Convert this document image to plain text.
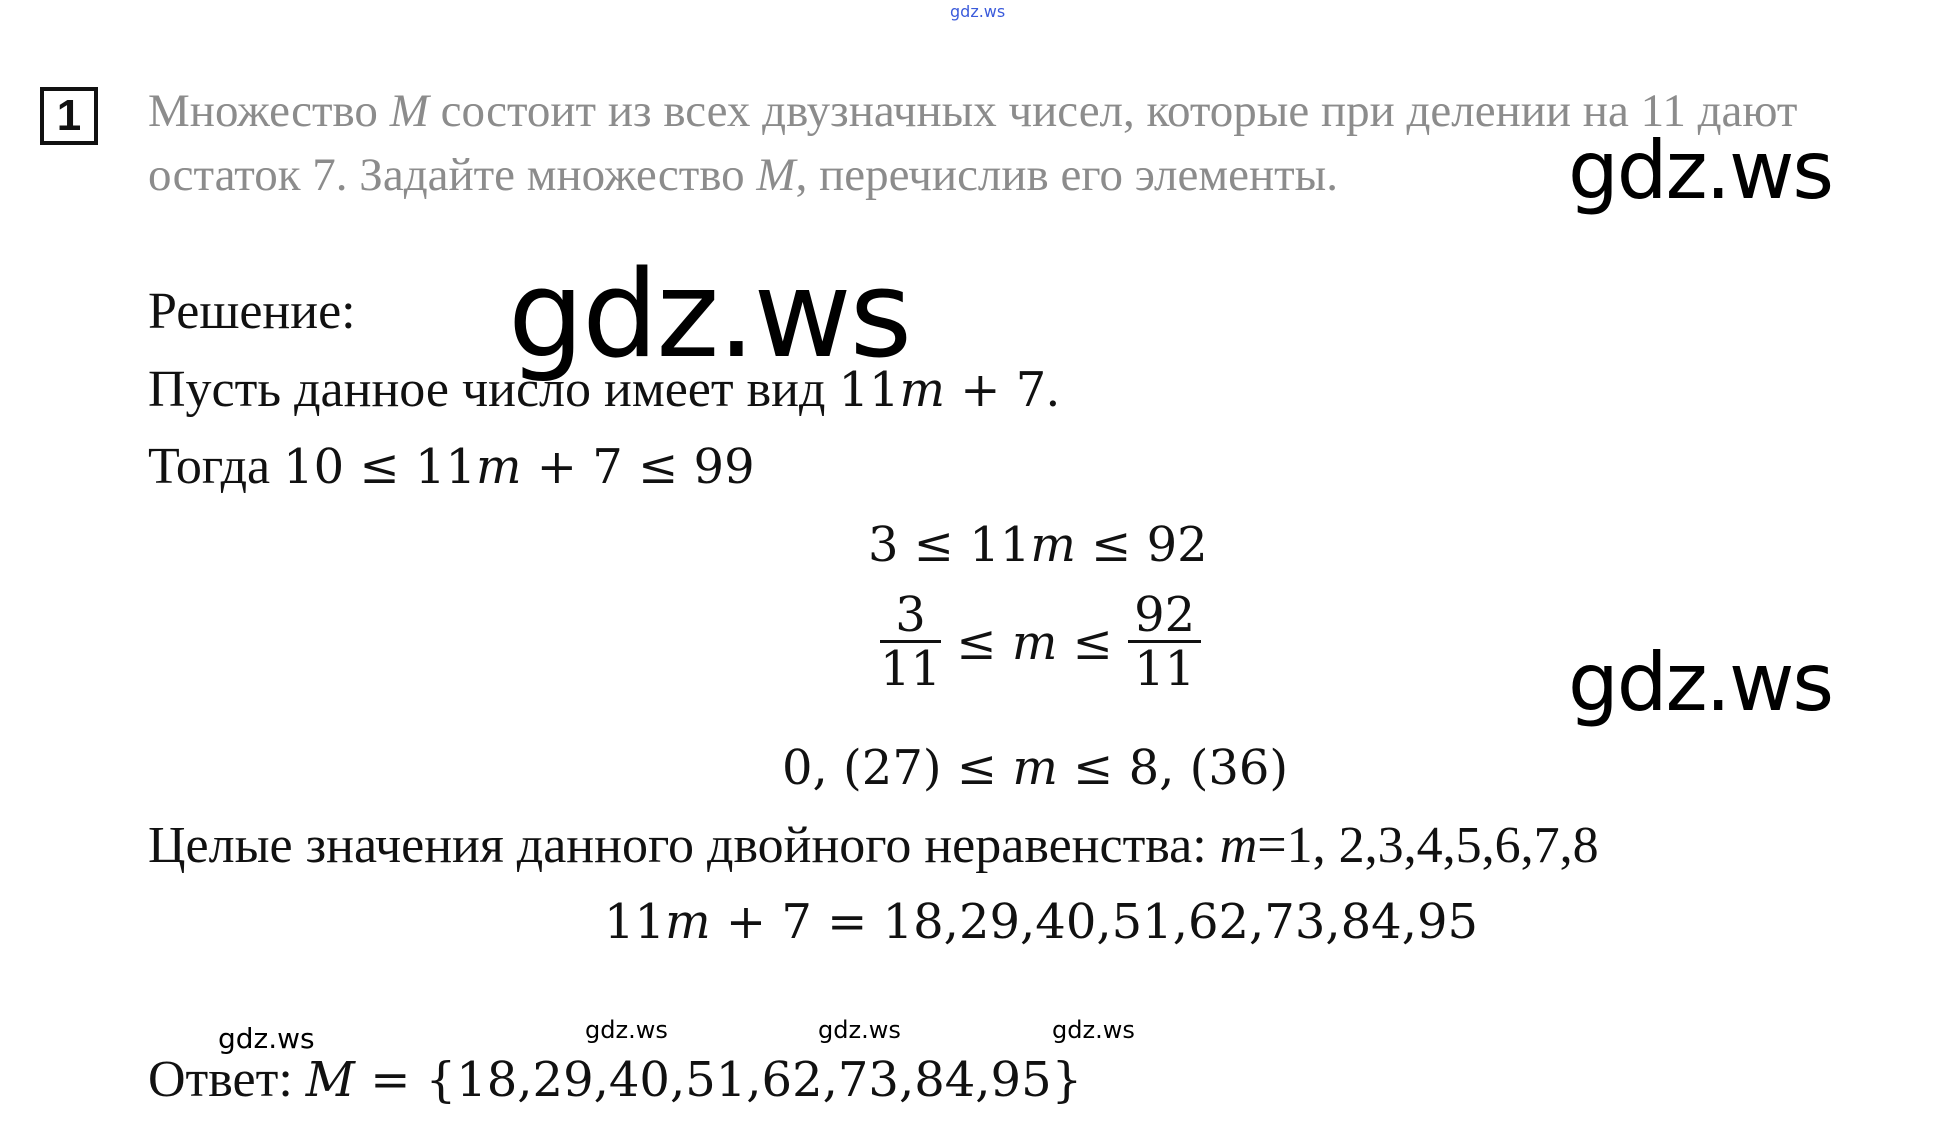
gdz.ws
1 Множество M состоит из всех двузначных чисел, которые при делении на 11 дают
остаток 7. Задайте множество M, перечислив его элементы.	gdz.ws
Решение: gdz.ws
Пусть данное число имеет вид 11𝑚 + 7.
Тогда 10 ≤ 11𝑚 + 7 ≤ 99
3 ≤ 11𝑚 ≤ 92
$\frac{3}{11}$ ≤ 𝑚 ≤ $\frac{92}{11}$	gdz.ws
0, (27) ≤ 𝑚 ≤ 8, (36)
Целые значения данного двойного неравенства: m=1, 2,3,4,5,6,7,8
11𝑚 + 7 = 18,29,40,51,62,73,84,95
gdz.ws	gdz.ws	gdz.ws	gdz.ws
Ответ: 𝑀 = {18,29,40,51,62,73,84,95}
